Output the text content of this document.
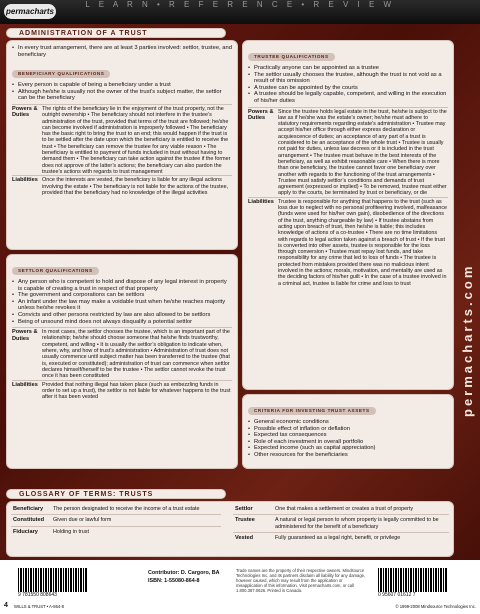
permacharts
L E A R N • R E F E R E N C E • R E V I E W
permacharts.com
ADMINISTRATION OF A TRUST
• In every trust arrangement, there are at least 3 parties involved: settlor, trustee, and beneficiary
BENEFICIARY QUALIFICATIONS
• Every person is capable of being a beneficiary under a trust
• Although he/she is usually not the owner of the trust’s subject matter, the settlor can be the beneficiary
Powers & Duties
The rights of the beneficiary lie in the enjoyment of the trust property, not the outright ownership • The beneficiary should not interfere in the trustee’s administration of the trust, provided that terms of the trust are followed; he/she can become involved if administration is improperly followed • The beneficiary has the basic right to bring the trust to an end; this would happen if the trust is to be settled after the date upon which the beneficiary is entitled to receive the trust • The beneficiary can remove the trustee for any viable reason • The beneficiary is entitled to payment of funds included in trust without having to demand them • The beneficiary can take action against the trustee if the former does not approve of the latter’s actions; the beneficiary can also pardon the trustee’s actions with regards to trust management
Liabilities Once the interests are vested, the beneficiary is liable for any illegal actions involving the estate • The beneficiary is not liable for the actions of the trustee, provided that the beneficiary had no knowledge of the illegal activities
SETTLOR QUALIFICATIONS
• Any person who is competent to hold and dispose of any legal interest in property is capable of creating a trust in respect of that property
• The government and corporations can be settlors
• An infant under the law may make a voidable trust when he/she reaches majority unless he/she revokes it
• Convicts and other persons restricted by law are also allowed to be settlors
• Being of unsound mind does not always disqualify a potential settlor
Powers & Duties
In most cases, the settlor chooses the trustee, which is an important part of the relationship; he/she should choose someone that he/she finds trustworthy, competent, and willing • It is usually the settlor’s obligation to indicate when, where, why, and how of trust’s administration • Administration of trust does not usually commence until subject matter has been transferred to the trustee (that is, executed or constituted); administration of trust can commence when settlor declares himself/herself to be the trustee • The settlor cannot revoke the trust once it has been constituted
Liabilities Provided that nothing illegal has taken place (such as embezzling funds in order to set up a trust), the settlor is not liable for whatever happens to the trust after it has been vested
TRUSTEE QUALIFICATIONS
• Practically anyone can be appointed as a trustee
• The settlor usually chooses the trustee, although the trust is not void as a result of this omission
• A trustee can be appointed by the courts
• A trustee should be legally capable, competent, and willing in the execution of his/her duties
Powers & Duties
Since the trustee holds legal estate in the trust, he/she is subject to the law as if he/she was the estate’s owner; he/she must adhere to statutory requirements regarding estate’s administration • Trustee may accept his/her office through either express declaration or acquiescence of duties; an acceptance of any part of a trust is considered to be an acceptance of the whole trust • Trustee is usually not paid for duties, unless law decrees or it is included in the trust arrangement • The trustee must behave in the best interests of the beneficiary, as well as exhibit reasonable care • When there is more than one beneficiary, the trustee cannot favor one beneficiary over another with regards to the functioning of the trust arrangements • Trustee must satisfy settlor’s conditions and demands of trust agreement (expressed or implied) • To be removed, trustee must either apply to the courts, be terminated by trust or beneficiary, or die
Liabilities Trustee is responsible for anything that happens to the trust (such as loss due to neglect with no personal profiteering involved, malfeasance (funds were used for his/her own gain), disobedience of the directions of the trust, anything chargeable by law) • If trustee abstains from acting upon breach of trust, then he/she is liable; this includes knowledge of actions of a co-trustee • There are no time limitations with regards to legal action taken against a breach of trust • If the trust is converted into other assets, trustee is responsible for the loss through conversion • Trustee must repay lost funds, and take responsibility for any crime that led to loss of funds • The trustee is protected from mistakes provided there was no malicious intent involved in the actions; morals, motivation, and mentality are used as the deciding factors of his/her guilt • In the case of a trustee involved in a criminal act, trustee is liable for crime and loss to trust
CRITERIA FOR INVESTING TRUST ASSETS
• General economic conditions
• Possible effect of inflation or deflation
• Expected tax consequences
• Role of each investment in overall portfolio
• Expected income (such as capital appreciation)
• Other resources for the beneficiaries
GLOSSARY OF TERMS: TRUSTS
Beneficiary	The person designated to receive the income of a trust estate
Constituted	Given due or lawful form
Fiduciary	Holding in trust
Settlor	One that makes a settlement or creates a trust of property
Trustee	A natural or legal person to whom property is legally committed to be administered for the benefit of a beneficiary
Vested	Fully guaranteed as a legal right, benefit, or privilege
9 781550 808643
Contributor: D. Cargoro, BA
ISBN: 1-55080-864-8
Trade names are the property of their respective owners. Mindsource Technologies Inc. and its partners disclaim all liability for any damage, however caused, which may result from the application or misapplication of this information. Visit permacharts.com, or call 1.800.387.0626. Printed in Canada.
0 95607 01612 7
4 WILLS & TRUST • A-864-8	© 1999-2008 Mindsource Technologies Inc.
